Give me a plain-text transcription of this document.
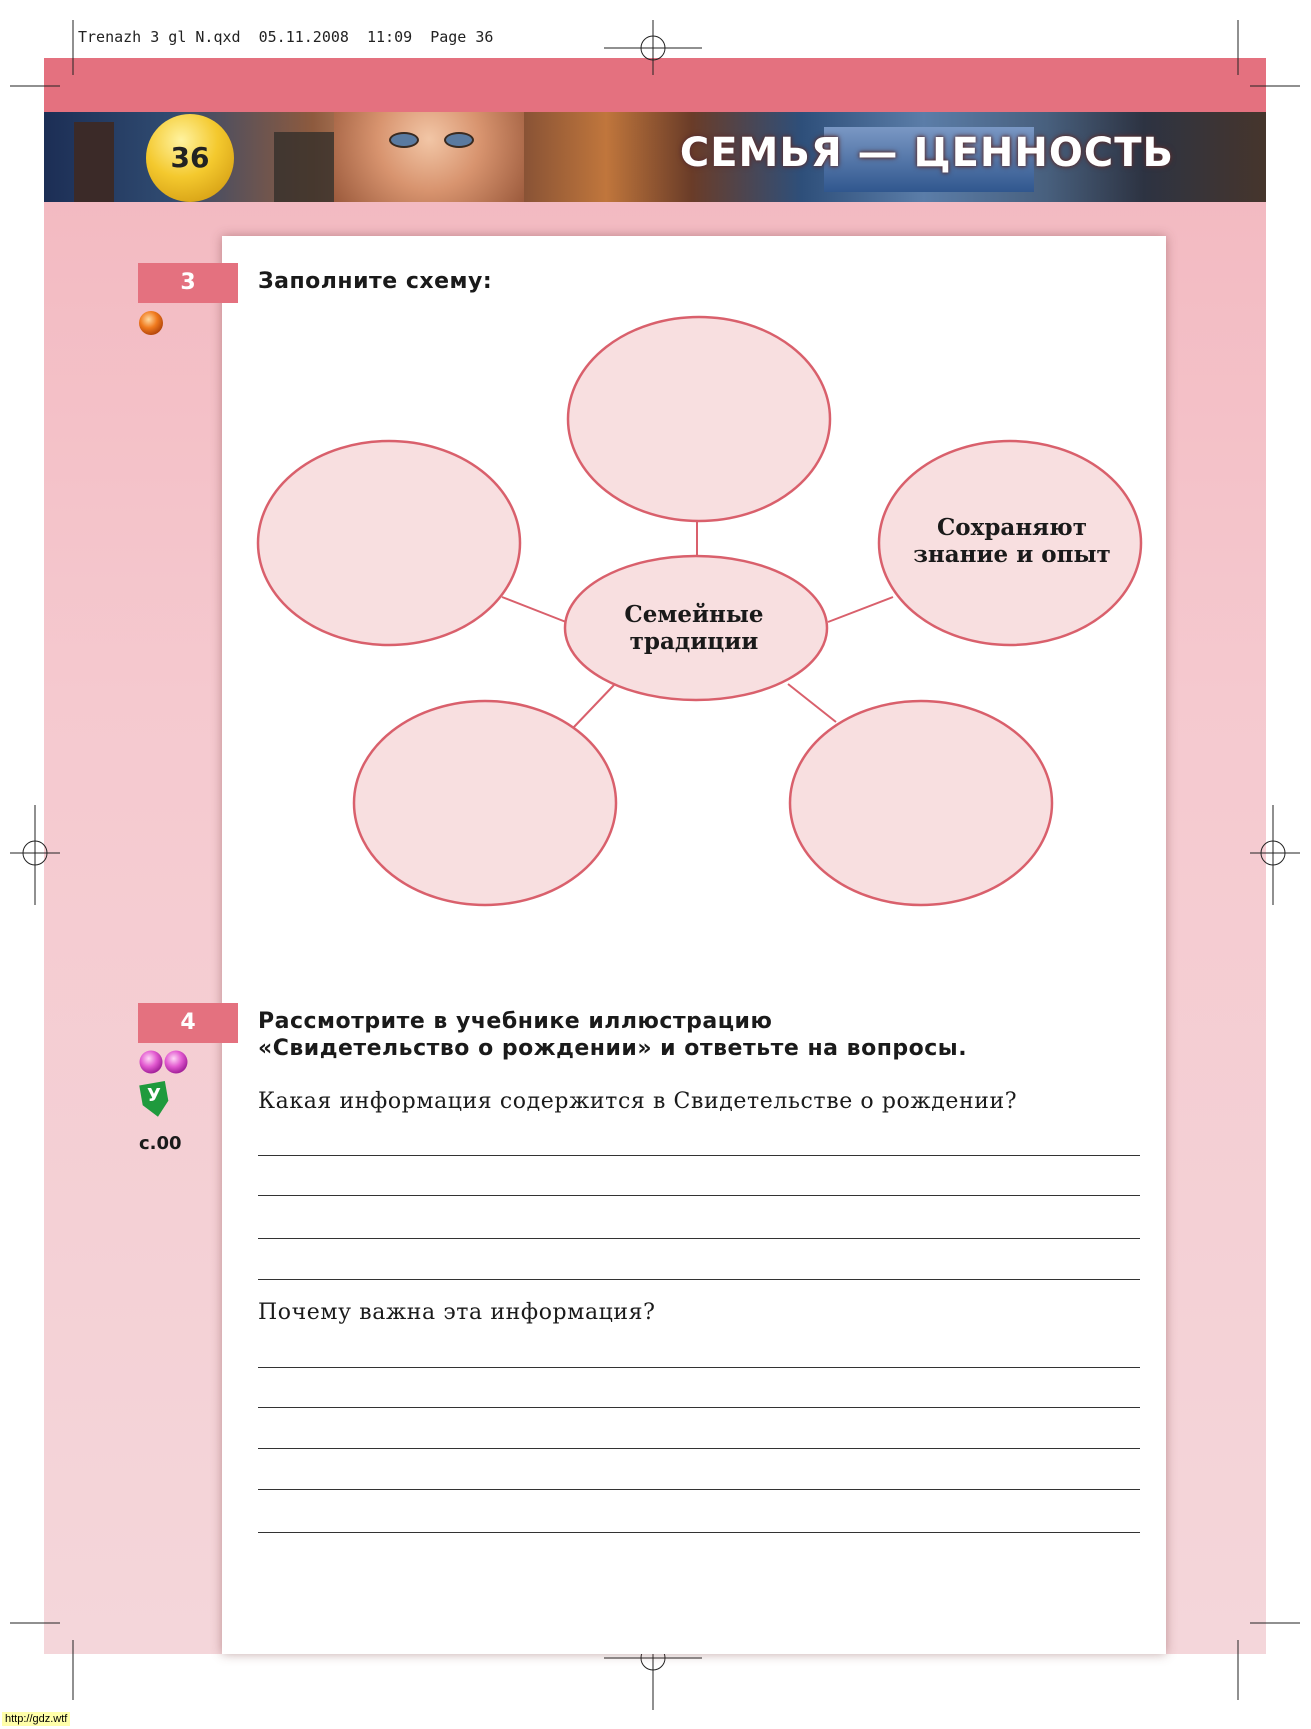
СЕМЬЯ — ЦЕННОСТЬ
36
Trenazh 3 gl N.qxd  05.11.2008  11:09  Page 36
3	Заполните схему:
Семейные
традиции
Сохраняют
знание и опыт
4
У
с.00
Рассмотрите в учебнике иллюстрацию
«Свидетельство о рождении» и ответьте на вопросы.
Какая информация содержится в Свидетельстве о рождении?
Почему важна эта информация?
http://gdz.wtf
